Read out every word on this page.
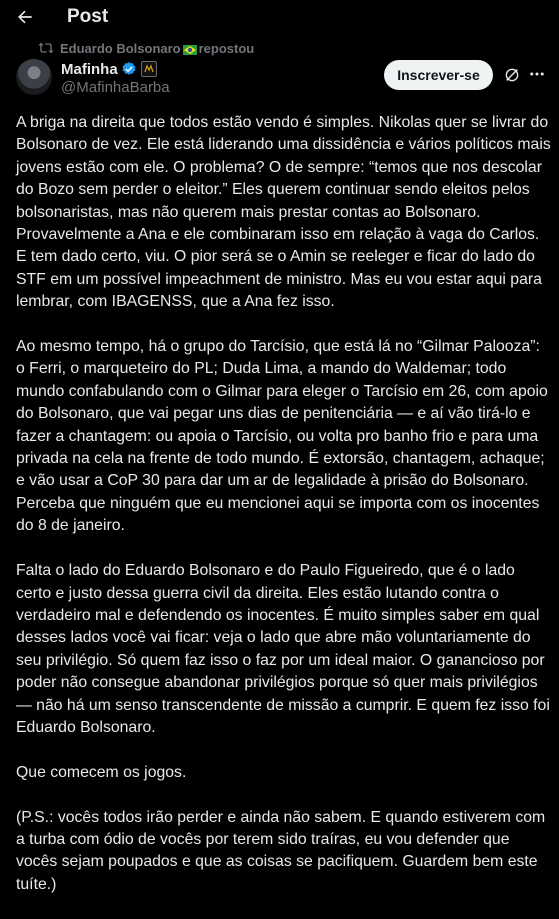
Post
Eduardo Bolsonaro repostou
Mafinha
@MafinhaBarba
Inscrever-se

A briga na direita que todos estão vendo é simples. Nikolas quer se livrar do Bolsonaro de vez. Ele está liderando uma dissidência e vários políticos mais jovens estão com ele. O problema? O de sempre: “temos que nos descolar do Bozo sem perder o eleitor.” Eles querem continuar sendo eleitos pelos bolsonaristas, mas não querem mais prestar contas ao Bolsonaro. Provavelmente a Ana e ele combinaram isso em relação à vaga do Carlos. E tem dado certo, viu. O pior será se o Amin se reeleger e ficar do lado do STF em um possível impeachment de ministro. Mas eu vou estar aqui para lembrar, com IBAGENSS, que a Ana fez isso.

Ao mesmo tempo, há o grupo do Tarcísio, que está lá no “Gilmar Palooza”: o Ferri, o marqueteiro do PL; Duda Lima, a mando do Waldemar; todo mundo confabulando com o Gilmar para eleger o Tarcísio em 26, com apoio do Bolsonaro, que vai pegar uns dias de penitenciária — e aí vão tirá-lo e fazer a chantagem: ou apoia o Tarcísio, ou volta pro banho frio e para uma privada na cela na frente de todo mundo. É extorsão, chantagem, achaque; e vão usar a CoP 30 para dar um ar de legalidade à prisão do Bolsonaro. Perceba que ninguém que eu mencionei aqui se importa com os inocentes do 8 de janeiro.

Falta o lado do Eduardo Bolsonaro e do Paulo Figueiredo, que é o lado certo e justo dessa guerra civil da direita. Eles estão lutando contra o verdadeiro mal e defendendo os inocentes. É muito simples saber em qual desses lados você vai ficar: veja o lado que abre mão voluntariamente do seu privilégio. Só quem faz isso o faz por um ideal maior. O ganancioso por poder não consegue abandonar privilégios porque só quer mais privilégios — não há um senso transcendente de missão a cumprir. E quem fez isso foi Eduardo Bolsonaro.

Que comecem os jogos.

(P.S.: vocês todos irão perder e ainda não sabem. E quando estiverem com a turba com ódio de vocês por terem sido traíras, eu vou defender que vocês sejam poupados e que as coisas se pacifiquem. Guardem bem este tuíte.)
